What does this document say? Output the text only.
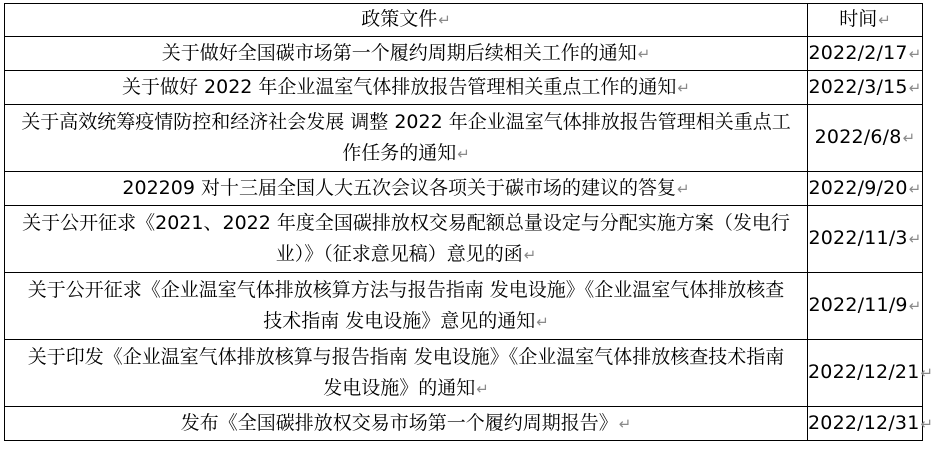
政策文件↵	时间↵

关于做好全国碳市场第一个履约周期后续相关工作的通知↵	2022/2/17↵

关于做好 2022 年企业温室气体排放报告管理相关重点工作的通知↵	2022/3/15↵

关于高效统筹疫情防控和经济社会发展 调整 2022 年企业温室气体排放报告管理相关重点工作任务的通知↵	2022/6/8↵

202209 对十三届全国人大五次会议各项关于碳市场的建议的答复↵	2022/9/20↵

关于公开征求《2021、2022 年度全国碳排放权交易配额总量设定与分配实施方案（发电行业）》（征求意见稿）意见的函↵	2022/11/3↵

关于公开征求《企业温室气体排放核算方法与报告指南 发电设施》《企业温室气体排放核查技术指南 发电设施》意见的通知↵	2022/11/9↵

关于印发《企业温室气体排放核算与报告指南 发电设施》《企业温室气体排放核查技术指南 发电设施》的通知↵	2022/12/21↵

发布《全国碳排放权交易市场第一个履约周期报告》↵	2022/12/31↵
